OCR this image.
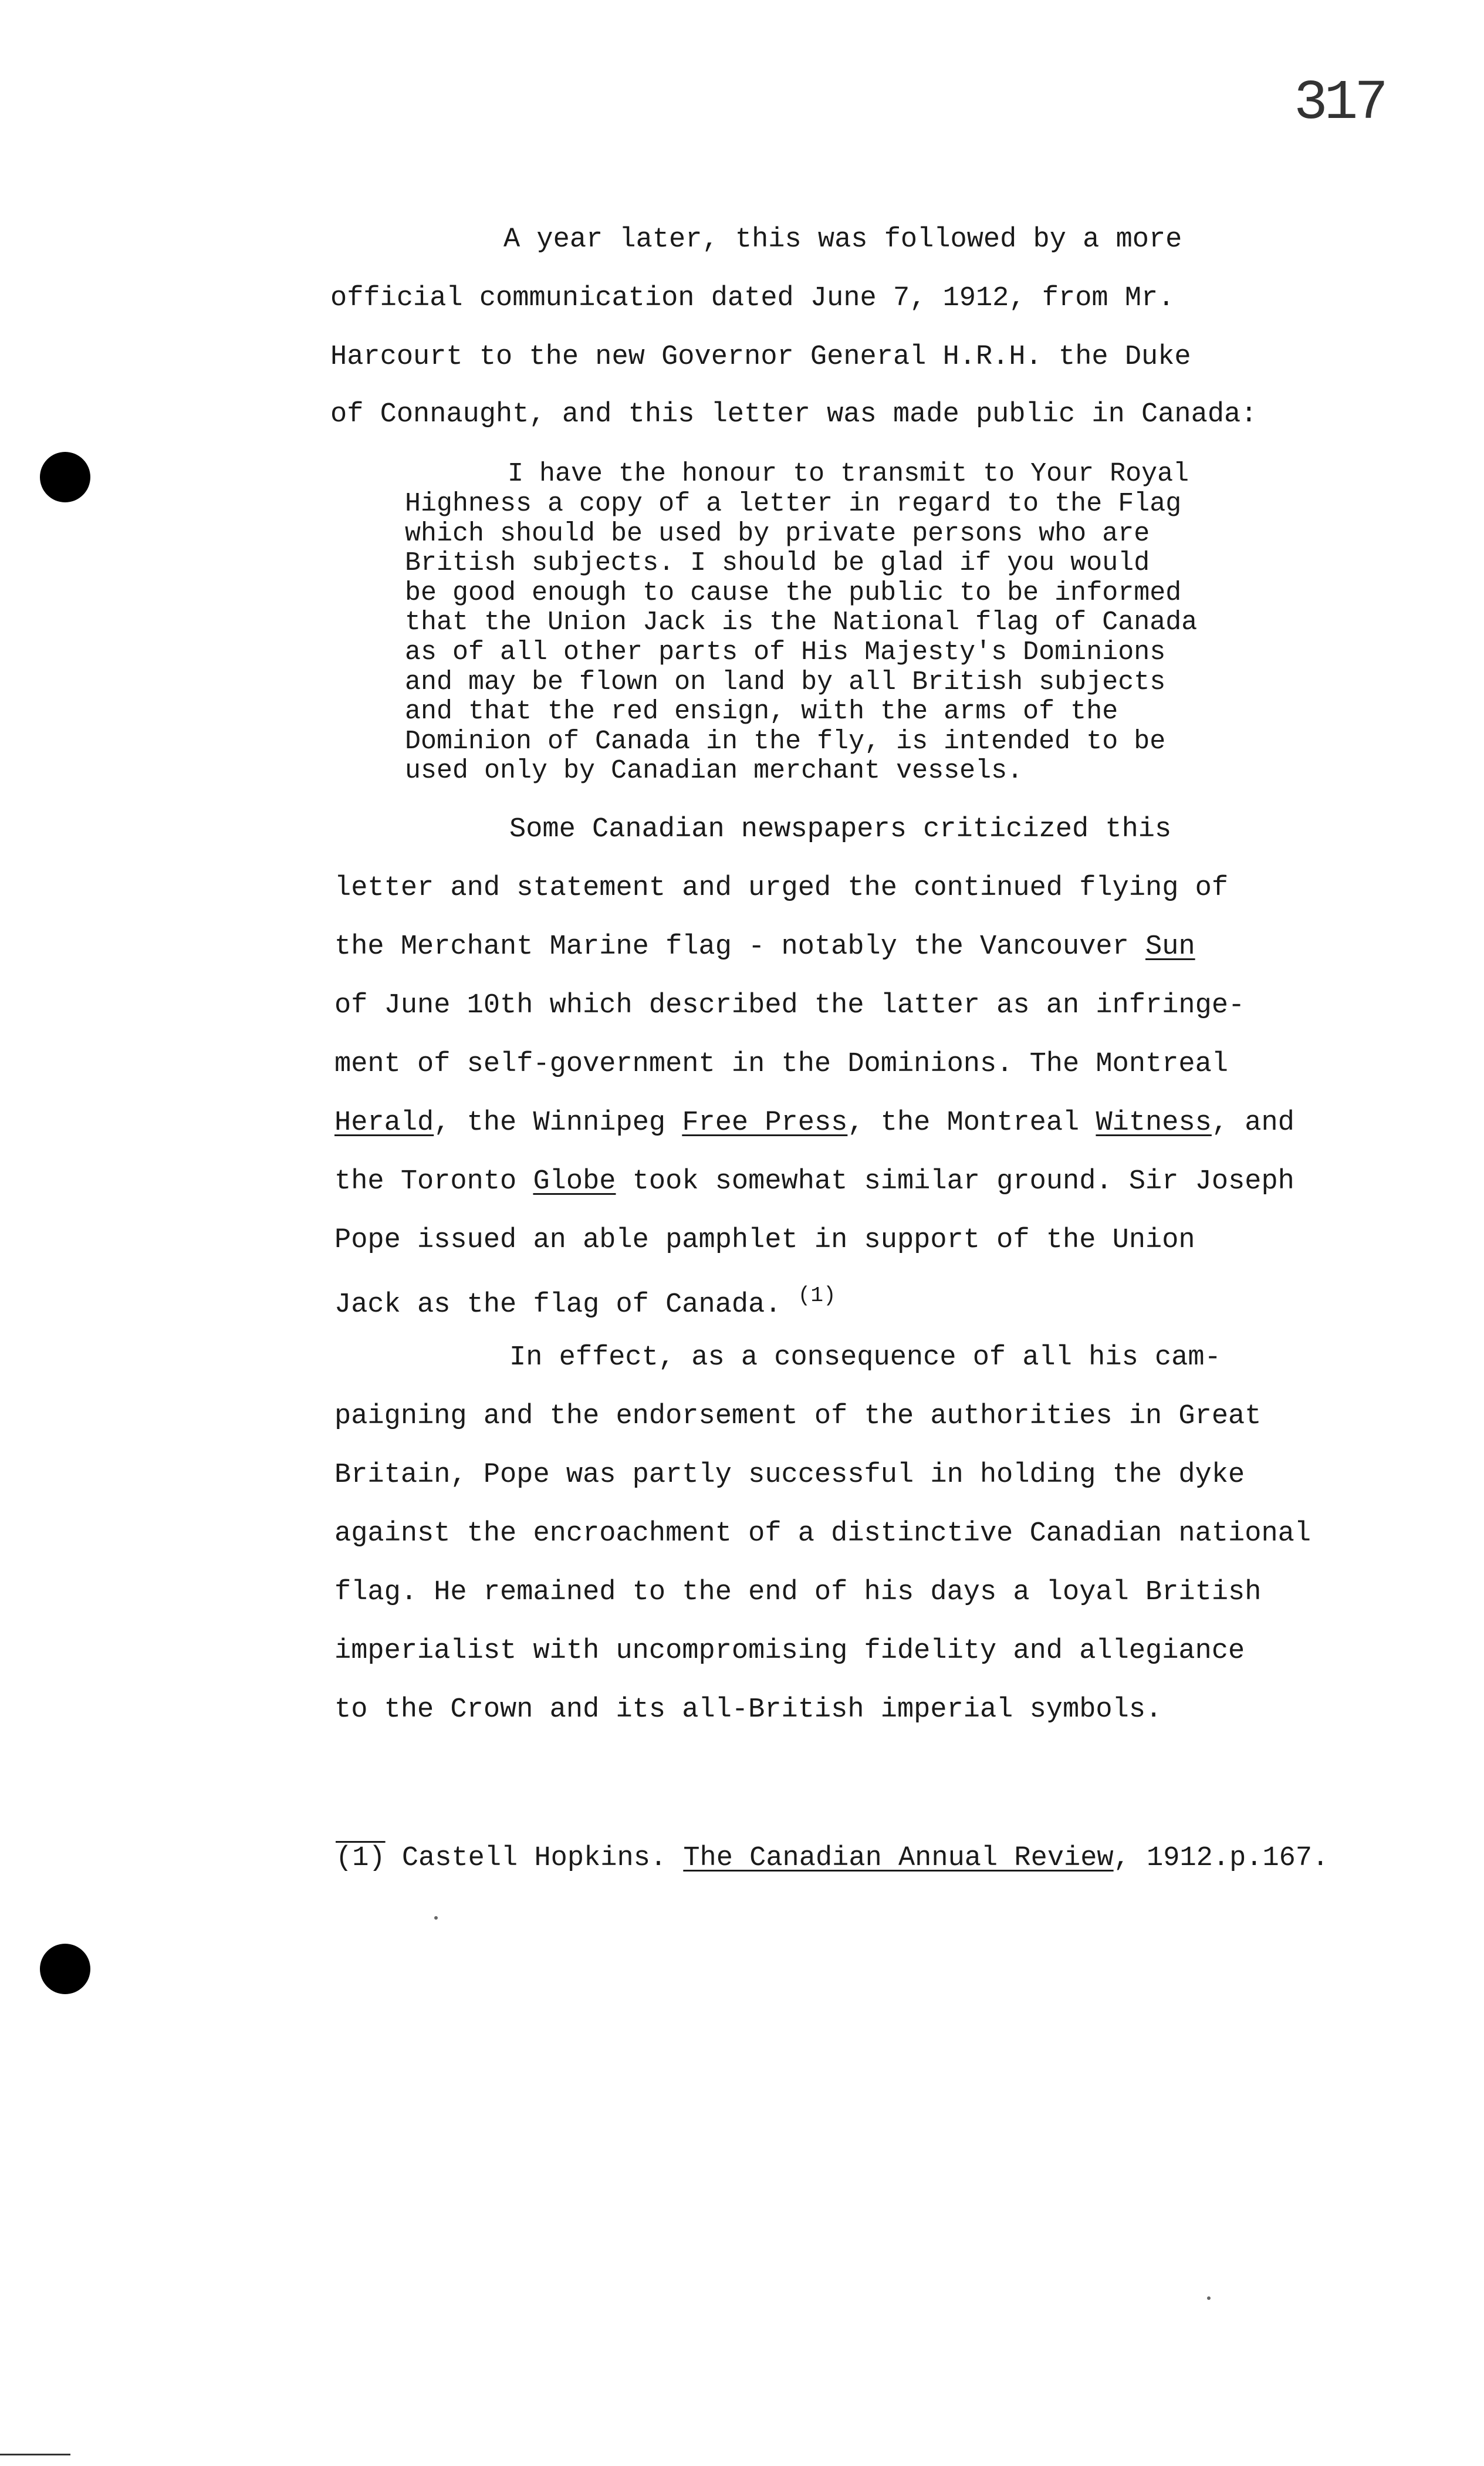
317
A year later, this was followed by a more
official communication dated June 7, 1912, from Mr.
Harcourt to the new Governor General H.R.H. the Duke
of Connaught, and this letter was made public in Canada:
I have the honour to transmit to Your Royal
Highness a copy of a letter in regard to the Flag
which should be used by private persons who are
British subjects. I should be glad if you would
be good enough to cause the public to be informed
that the Union Jack is the National flag of Canada
as of all other parts of His Majesty's Dominions
and may be flown on land by all British subjects
and that the red ensign, with the arms of the
Dominion of Canada in the fly, is intended to be
used only by Canadian merchant vessels.
Some Canadian newspapers criticized this
letter and statement and urged the continued flying of
the Merchant Marine flag - notably the Vancouver Sun
of June 10th which described the latter as an infringe-
ment of self-government in the Dominions. The Montreal
Herald, the Winnipeg Free Press, the Montreal Witness, and
the Toronto Globe took somewhat similar ground. Sir Joseph
Pope issued an able pamphlet in support of the Union
Jack as the flag of Canada. $^{(1)}$
In effect, as a consequence of all his cam-
paigning and the endorsement of the authorities in Great
Britain, Pope was partly successful in holding the dyke
against the encroachment of a distinctive Canadian national
flag. He remained to the end of his days a loyal British
imperialist with uncompromising fidelity and allegiance
to the Crown and its all-British imperial symbols.
(1) Castell Hopkins. The Canadian Annual Review, 1912.p.167.
